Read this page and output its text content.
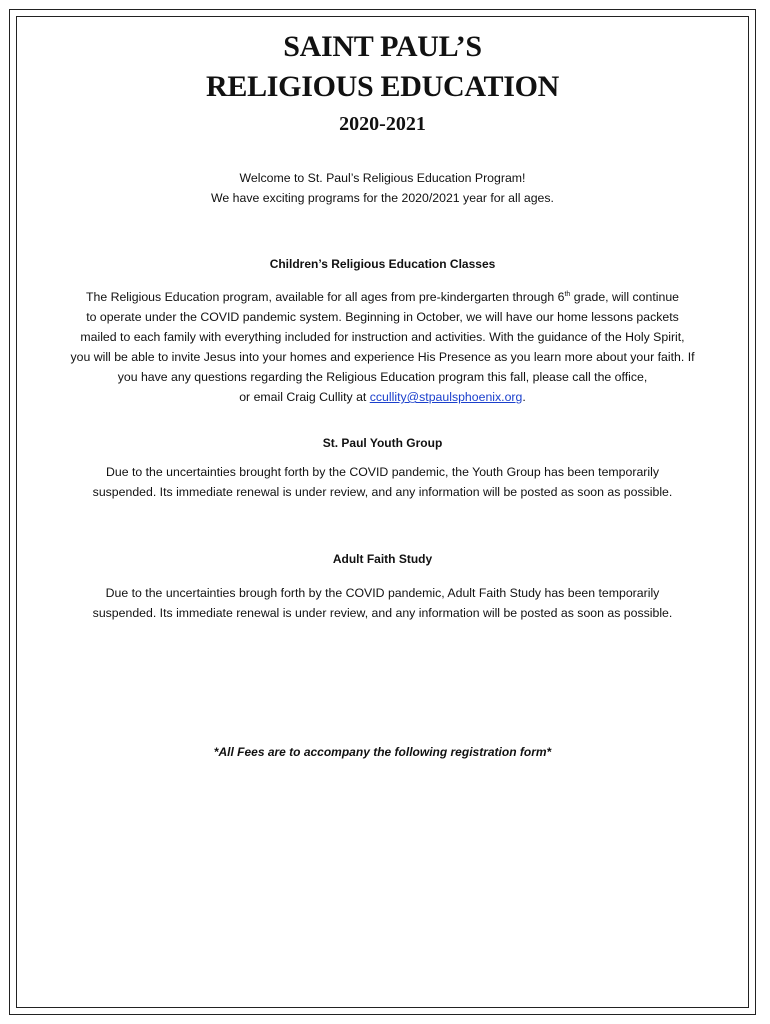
SAINT PAUL’S
RELIGIOUS EDUCATION
2020-2021
Welcome to St. Paul’s Religious Education Program!
We have exciting programs for the 2020/2021 year for all ages.
Children’s Religious Education Classes
The Religious Education program, available for all ages from pre-kindergarten through 6th grade, will continue
to operate under the COVID pandemic system. Beginning in October, we will have our home lessons packets
mailed to each family with everything included for instruction and activities. With the guidance of the Holy Spirit,
you will be able to invite Jesus into your homes and experience His Presence as you learn more about your faith. If
you have any questions regarding the Religious Education program this fall, please call the office,
or email Craig Cullity at ccullity@stpaulsphoenix.org.
St. Paul Youth Group
Due to the uncertainties brought forth by the COVID pandemic, the Youth Group has been temporarily
suspended. Its immediate renewal is under review, and any information will be posted as soon as possible.
Adult Faith Study
Due to the uncertainties brough forth by the COVID pandemic, Adult Faith Study has been temporarily
suspended. Its immediate renewal is under review, and any information will be posted as soon as possible.
*All Fees are to accompany the following registration form*
